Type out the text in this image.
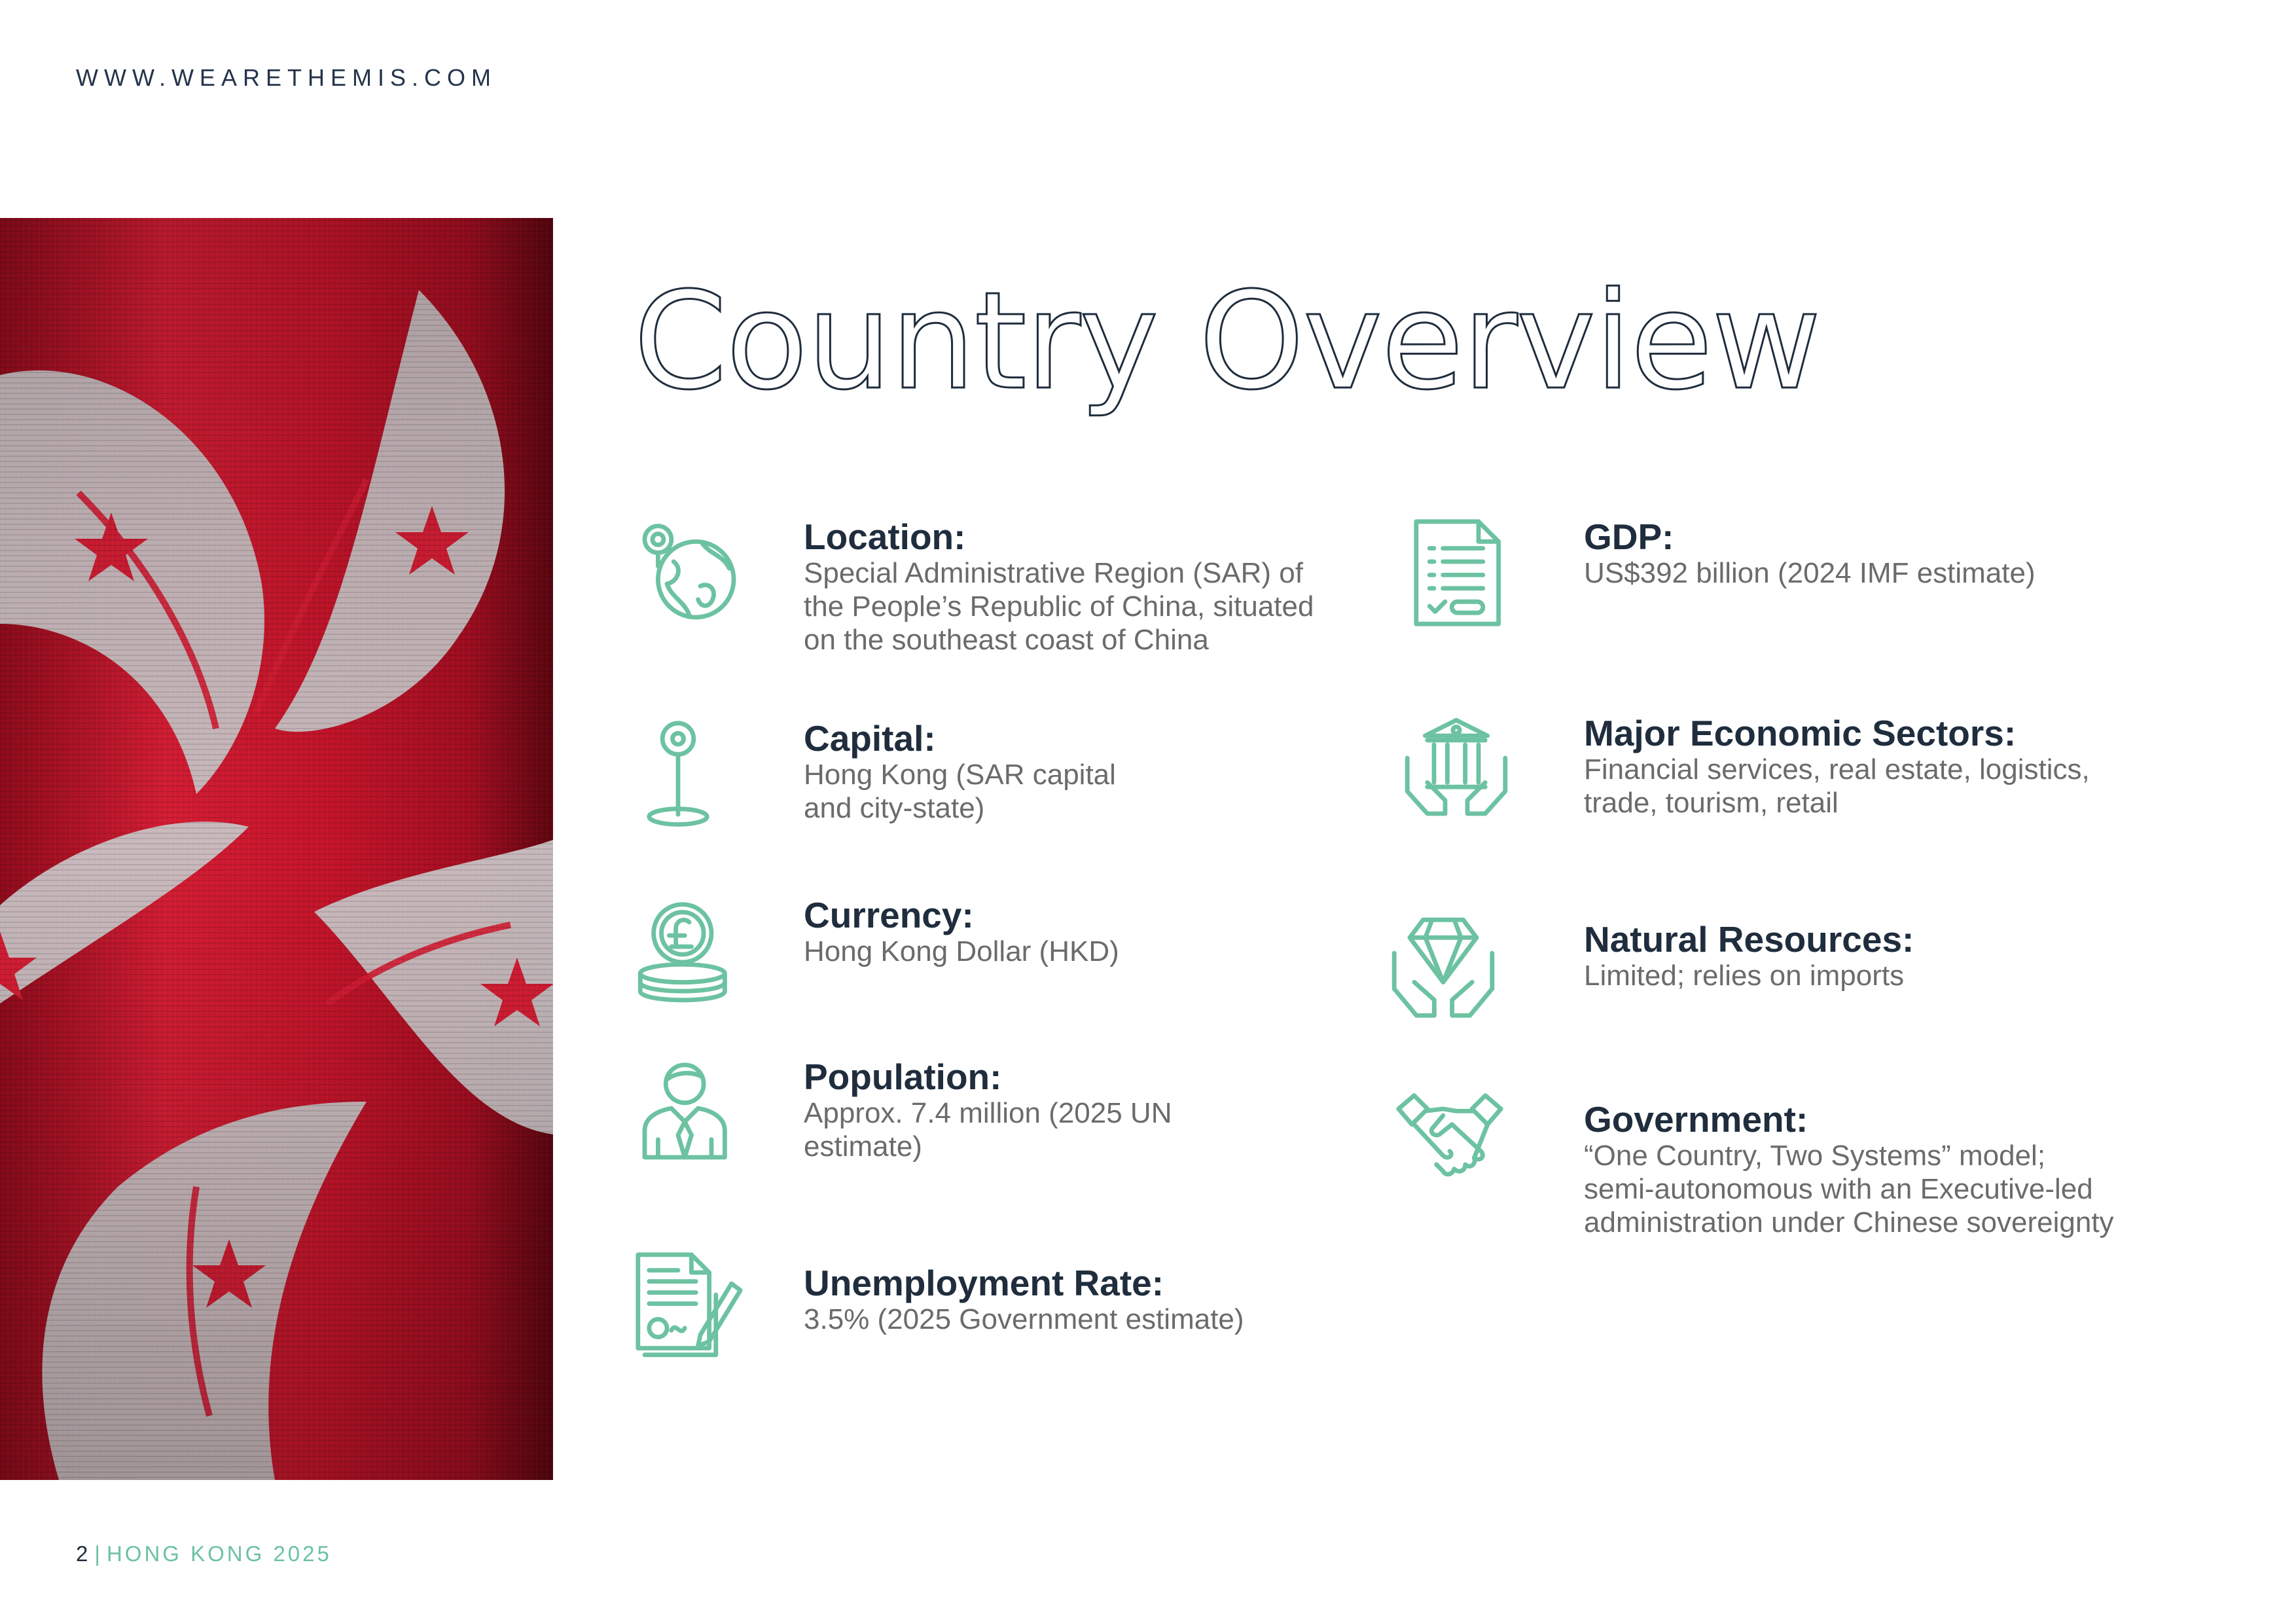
WWW.WEARETHEMIS.COM
Country Overview
Location:
Special Administrative Region (SAR) of the People’s Republic of China, situated on the southeast coast of China
Capital:
Hong Kong (SAR capital and city-state)
Currency:
Hong Kong Dollar (HKD)
Population:
Approx. 7.4 million (2025 UN estimate)
Unemployment Rate:
3.5% (2025 Government estimate)
GDP:
US$392 billion (2024 IMF estimate)
Major Economic Sectors:
Financial services, real estate, logistics, trade, tourism, retail
Natural Resources:
Limited; relies on imports
Government:
“One Country, Two Systems” model; semi-autonomous with an Executive-led administration under Chinese sovereignty
2 | HONG KONG 2025
